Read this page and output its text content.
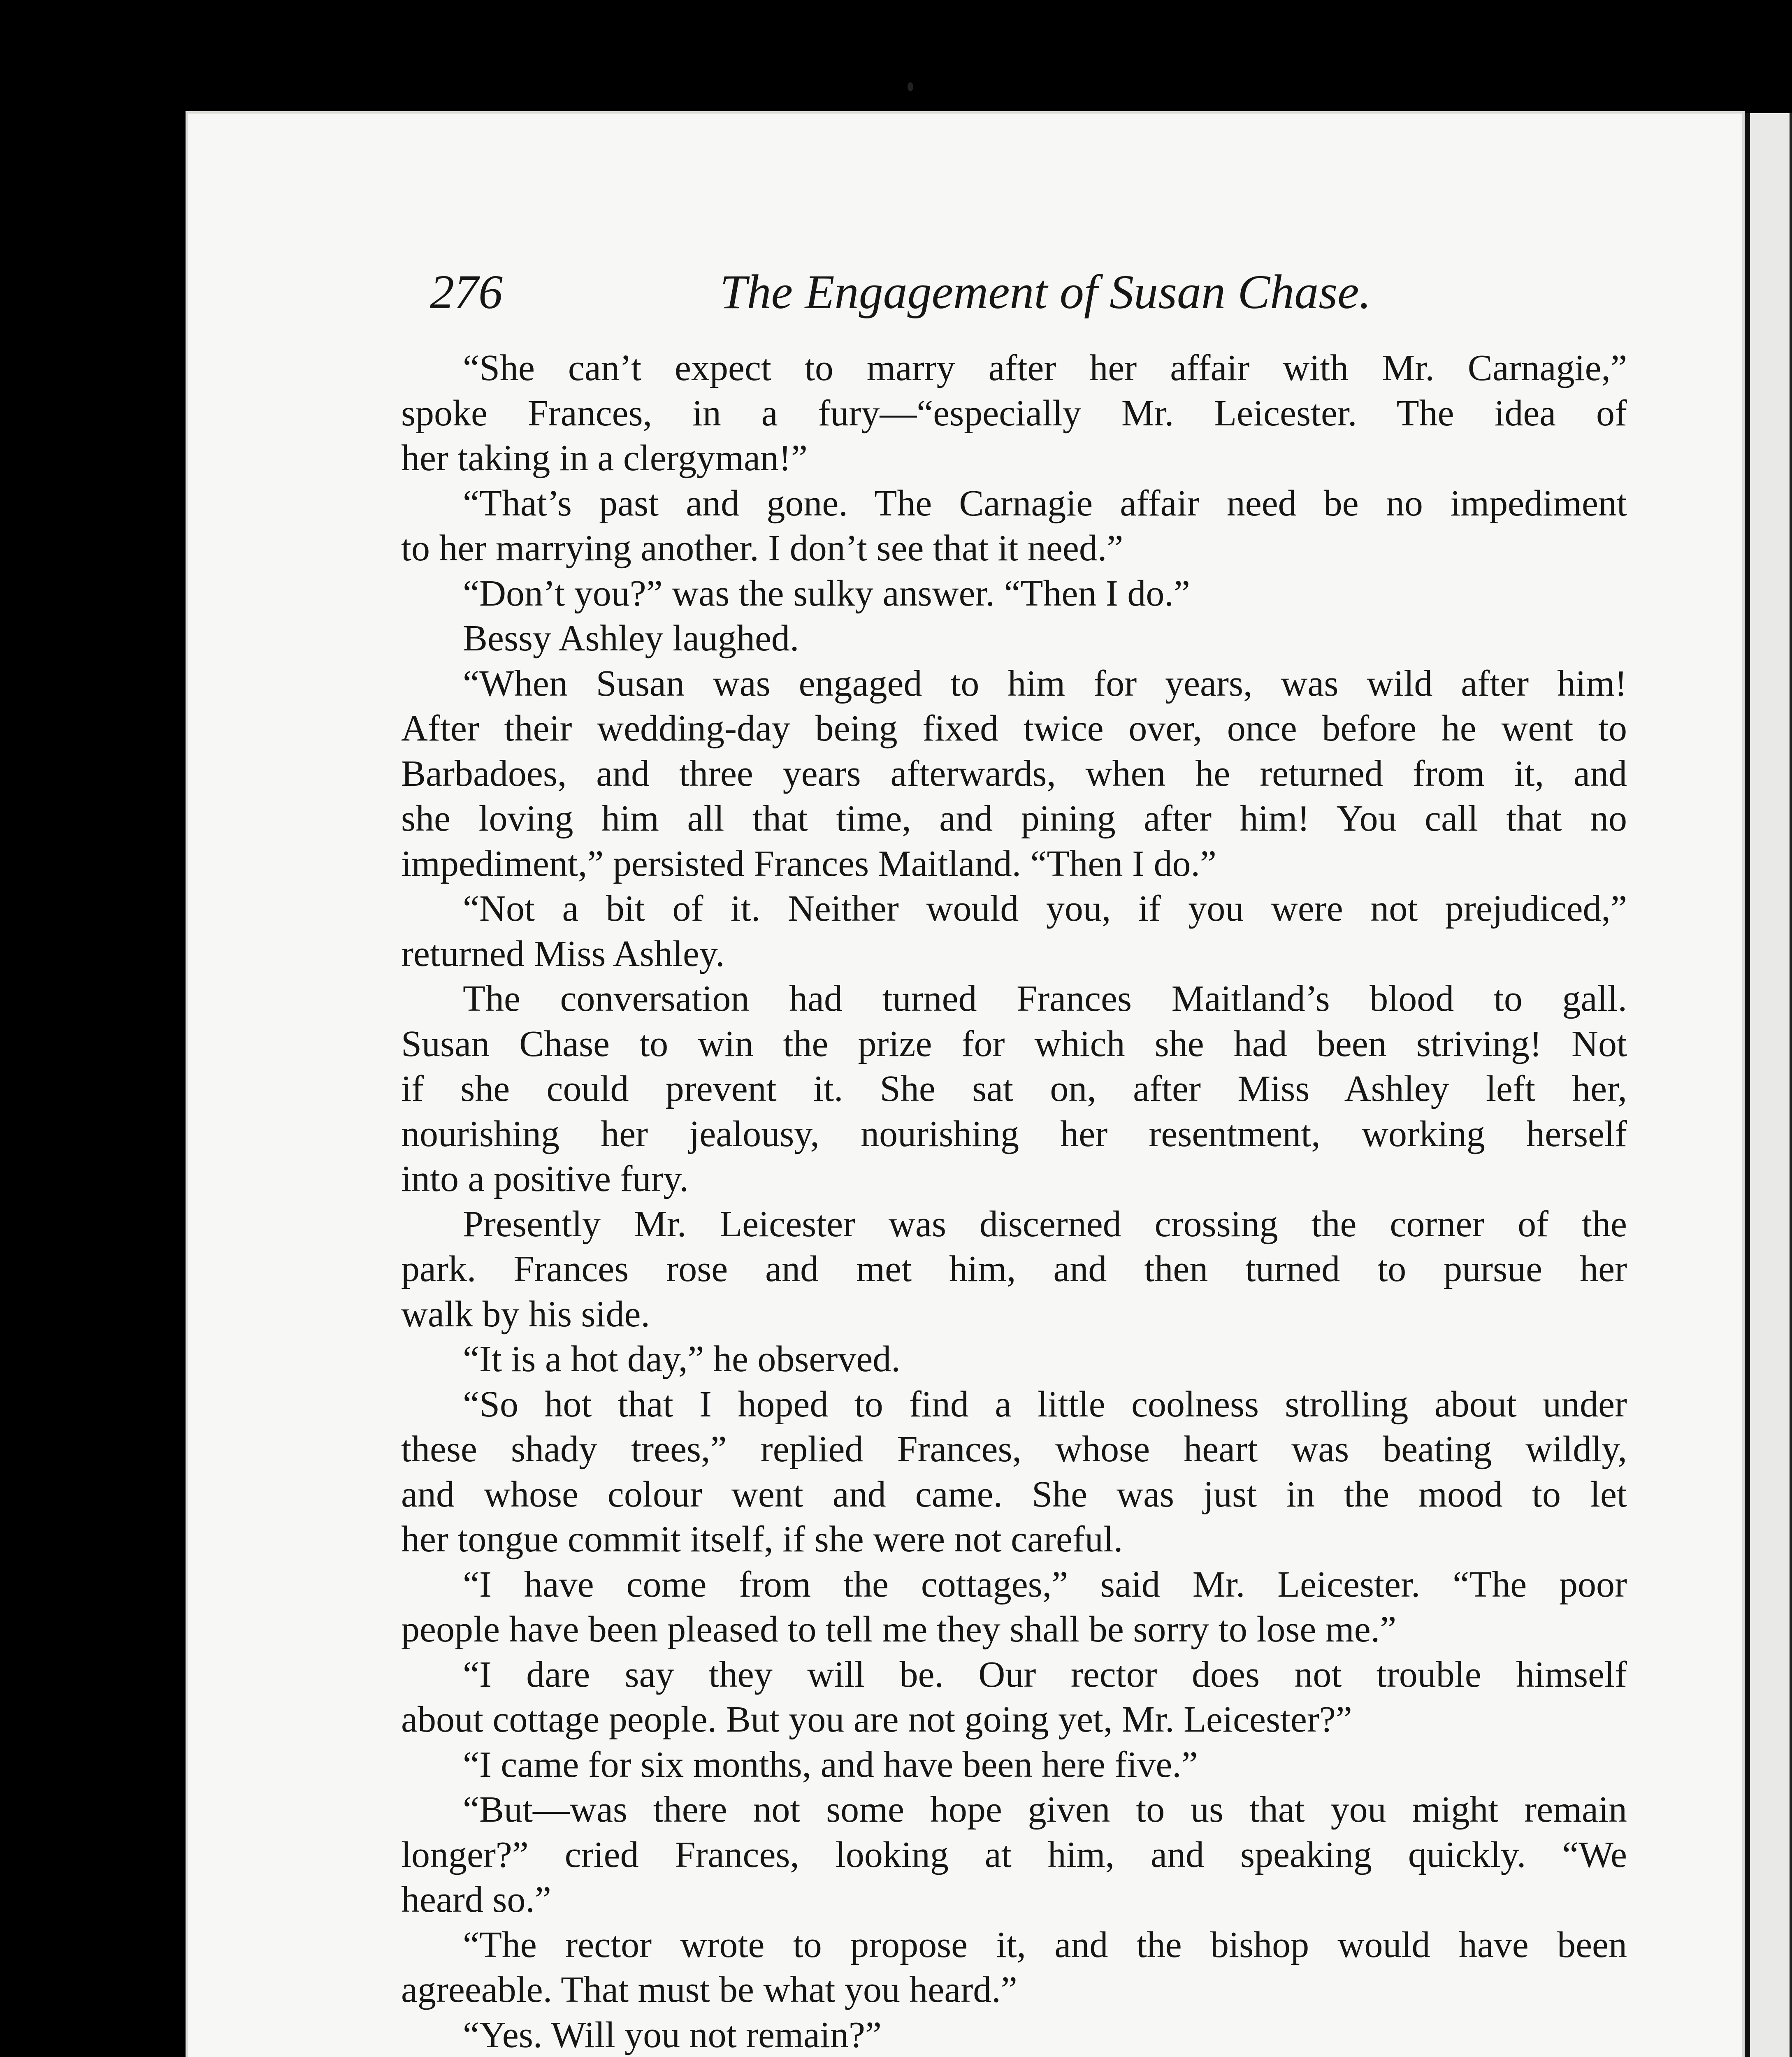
276	The Engagement of Susan Chase.
“She can’t expect to marry after her affair with Mr. Carnagie,”
spoke Frances, in a fury—“especially Mr. Leicester. The idea of
her taking in a clergyman!”
“That’s past and gone. The Carnagie affair need be no impediment
to her marrying another. I don’t see that it need.”
“Don’t you?” was the sulky answer. “Then I do.”
Bessy Ashley laughed.
“When Susan was engaged to him for years, was wild after him!
After their wedding-day being fixed twice over, once before he went to
Barbadoes, and three years afterwards, when he returned from it, and
she loving him all that time, and pining after him! You call that no
impediment,” persisted Frances Maitland. “Then I do.”
“Not a bit of it. Neither would you, if you were not prejudiced,”
returned Miss Ashley.
The conversation had turned Frances Maitland’s blood to gall.
Susan Chase to win the prize for which she had been striving! Not
if she could prevent it. She sat on, after Miss Ashley left her,
nourishing her jealousy, nourishing her resentment, working herself
into a positive fury.
Presently Mr. Leicester was discerned crossing the corner of the
park. Frances rose and met him, and then turned to pursue her
walk by his side.
“It is a hot day,” he observed.
“So hot that I hoped to find a little coolness strolling about under
these shady trees,” replied Frances, whose heart was beating wildly,
and whose colour went and came. She was just in the mood to let
her tongue commit itself, if she were not careful.
“I have come from the cottages,” said Mr. Leicester. “The poor
people have been pleased to tell me they shall be sorry to lose me.”
“I dare say they will be. Our rector does not trouble himself
about cottage people. But you are not going yet, Mr. Leicester?”
“I came for six months, and have been here five.”
“But—was there not some hope given to us that you might remain
longer?” cried Frances, looking at him, and speaking quickly. “We
heard so.”
“The rector wrote to propose it, and the bishop would have been
agreeable. That must be what you heard.”
“Yes. Will you not remain?”
